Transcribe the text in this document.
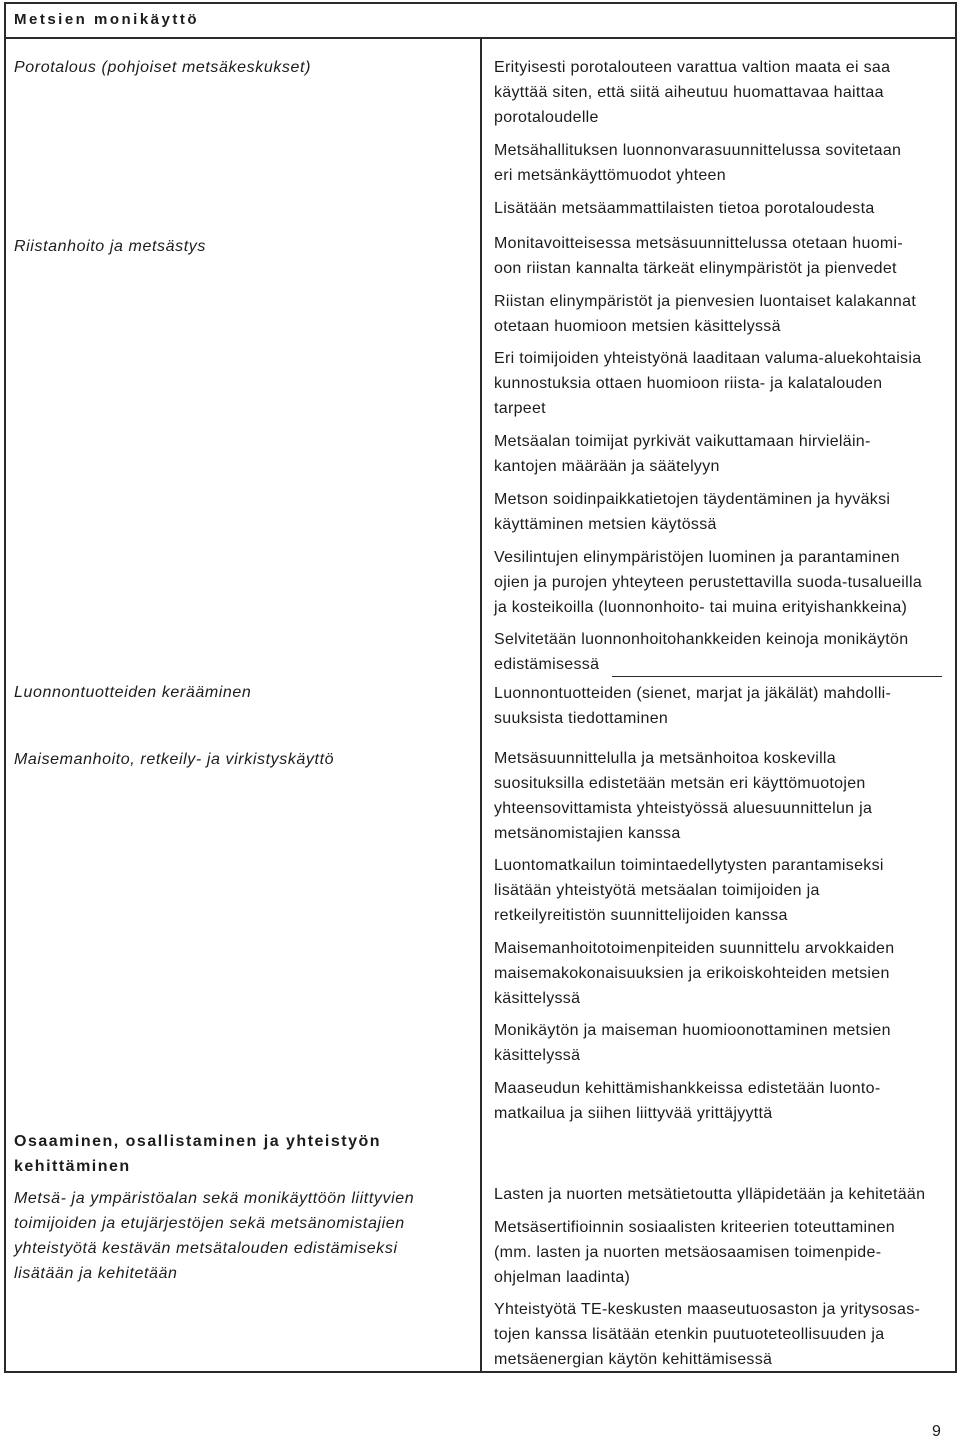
Metsien monikäyttö
Porotalous (pohjoiset metsäkeskukset)
Riistanhoito ja metsästys
Luonnontuotteiden kerääminen
Maisemanhoito, retkeily- ja virkistyskäyttö
Osaaminen, osallistaminen ja yhteistyön
kehittäminen
Metsä- ja ympäristöalan sekä monikäyttöön liittyvien
toimijoiden ja etujärjestöjen sekä metsänomistajien
yhteistyötä kestävän metsätalouden edistämiseksi
lisätään ja kehitetään
Erityisesti porotalouteen varattua valtion maata ei saa
käyttää siten, että siitä aiheutuu huomattavaa haittaa
porotaloudelle
Metsähallituksen luonnonvarasuunnittelussa sovitetaan
eri metsänkäyttömuodot yhteen
Lisätään metsäammattilaisten tietoa porotaloudesta
Monitavoitteisessa metsäsuunnittelussa otetaan huomi-
oon riistan kannalta tärkeät elinympäristöt ja pienvedet
Riistan elinympäristöt ja pienvesien luontaiset kalakannat
otetaan huomioon metsien käsittelyssä
Eri toimijoiden yhteistyönä laaditaan valuma-aluekohtaisia
kunnostuksia ottaen huomioon riista- ja kalatalouden
tarpeet
Metsäalan toimijat pyrkivät vaikuttamaan hirvieläin-
kantojen määrään ja säätelyyn
Metson soidinpaikkatietojen täydentäminen ja hyväksi
käyttäminen metsien käytössä
Vesilintujen elinympäristöjen luominen ja parantaminen
ojien ja purojen yhteyteen perustettavilla suoda-tusalueilla
ja kosteikoilla (luonnonhoito- tai muina erityishankkeina)
Selvitetään luonnonhoitohankkeiden keinoja monikäytön
edistämisessä
Luonnontuotteiden (sienet, marjat ja jäkälät) mahdolli-
suuksista tiedottaminen
Metsäsuunnittelulla ja metsänhoitoa koskevilla
suosituksilla edistetään metsän eri käyttömuotojen
yhteensovittamista yhteistyössä aluesuunnittelun ja
metsänomistajien kanssa
Luontomatkailun toimintaedellytysten parantamiseksi
lisätään yhteistyötä metsäalan toimijoiden ja
retkeilyreitistön suunnittelijoiden kanssa
Maisemanhoitotoimenpiteiden suunnittelu arvokkaiden
maisemakokonaisuuksien ja erikoiskohteiden metsien
käsittelyssä
Monikäytön ja maiseman huomioonottaminen metsien
käsittelyssä
Maaseudun kehittämishankkeissa edistetään luonto-
matkailua ja siihen liittyvää yrittäjyyttä
Lasten ja nuorten metsätietoutta ylläpidetään ja kehitetään
Metsäsertifioinnin sosiaalisten kriteerien toteuttaminen
(mm. lasten ja nuorten metsäosaamisen toimenpide-
ohjelman laadinta)
Yhteistyötä TE-keskusten maaseutuosaston ja yritysosas-
tojen kanssa lisätään etenkin puutuoteteollisuuden ja
metsäenergian käytön kehittämisessä
9
